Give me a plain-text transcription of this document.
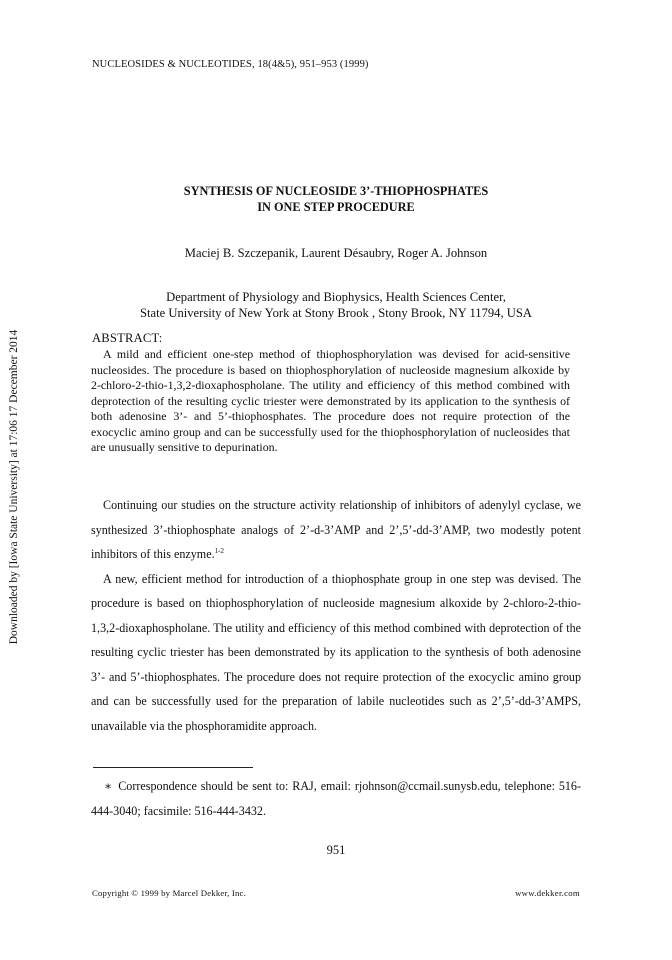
NUCLEOSIDES & NUCLEOTIDES, 18(4&5), 951–953 (1999)
Downloaded by [Iowa State University] at 17:06 17 December 2014
SYNTHESIS OF NUCLEOSIDE 3’-THIOPHOSPHATES
IN ONE STEP PROCEDURE
Maciej B. Szczepanik, Laurent Désaubry, Roger A. Johnson
Department of Physiology and Biophysics, Health Sciences Center,
State University of New York at Stony Brook , Stony Brook, NY 11794, USA
ABSTRACT:

A mild and efficient one-step method of thiophosphorylation was devised for acid-sensitive nucleosides. The procedure is based on thiophosphorylation of nucleoside magnesium alkoxide by 2-chloro-2-thio-1,3,2-dioxaphospholane. The utility and efficiency of this method combined with deprotection of the resulting cyclic triester were demonstrated by its application to the synthesis of both adenosine 3’- and 5’-thiophosphates. The procedure does not require protection of the exocyclic amino group and can be successfully used for the thiophosphorylation of nucleosides that are unusually sensitive to depurination.

Continuing our studies on the structure activity relationship of inhibitors of adenylyl cyclase, we synthesized 3’-thiophosphate analogs of 2’-d-3’AMP and 2’,5’-dd-3’AMP, two modestly potent inhibitors of this enzyme.$^{1-2}$

A new, efficient method for introduction of a thiophosphate group in one step was devised. The procedure is based on thiophosphorylation of nucleoside magnesium alkoxide by 2-chloro-2-thio-1,3,2-dioxaphospholane. The utility and efficiency of this method combined with deprotection of the resulting cyclic triester has been demonstrated by its application to the synthesis of both adenosine 3’- and 5’-thiophosphates. The procedure does not require protection of the exocyclic amino group and can be successfully used for the preparation of labile nucleotides such as 2’,5’-dd-3’AMPS, unavailable via the phosphoramidite approach.

∗ Correspondence should be sent to: RAJ, email: rjohnson@ccmail.sunysb.edu, telephone: 516-444-3040; facsimile: 516-444-3432.

951
Copyright © 1999 by Marcel Dekker, Inc.	www.dekker.com
